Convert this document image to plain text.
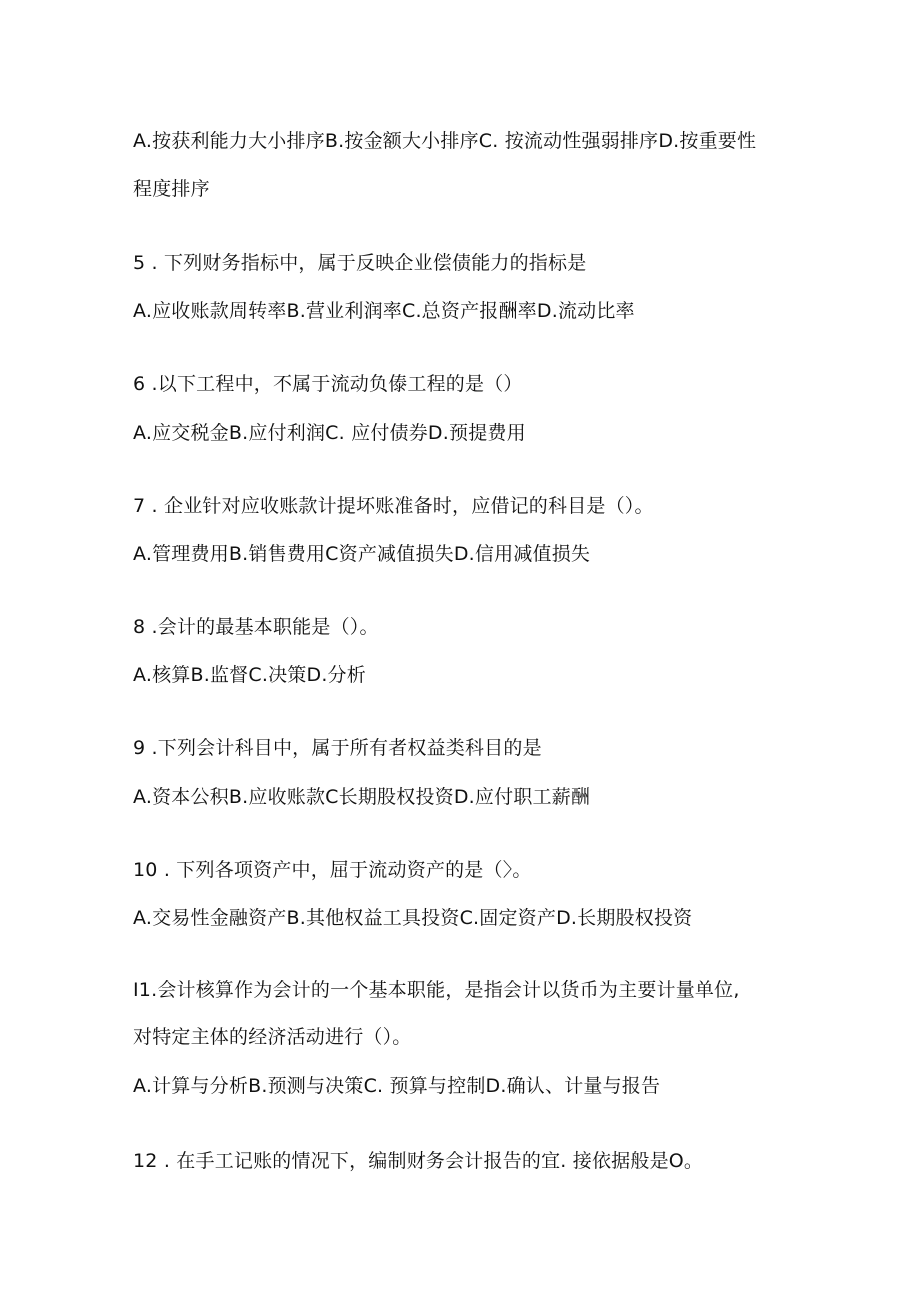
A.按获利能力大小排序B.按金额大小排序C. 按流动性强弱排序D.按重要性
程度排序
5 . 下列财务指标中，属于反映企业偿债能力的指标是
A.应收账款周转率B.营业利润率C.总资产报酬率D.流动比率
6 .以下工程中，不属于流动负傣工程的是（）
A.应交税金B.应付利润C. 应付债券D.预提费用
7 . 企业针对应收账款计提坏账准备时，应借记的科目是（）。
A.管理费用B.销售费用C资产减值损失D.信用减值损失
8 .会计的最基本职能是（）。
A.核算B.监督C.决策D.分析
9 .下列会计科目中，属于所有者权益类科目的是
A.资本公积B.应收账款C长期股权投资D.应付职工薪酬
10 . 下列各项资产中，屈于流动资产的是（〉。
A.交易性金融资产B.其他权益工具投资C.固定资产D.长期股权投资
I1.会计核算作为会计的一个基本职能，是指会计以货币为主要计量单位,
对特定主体的经济活动进行（）。
A.计算与分析B.预测与决策C. 预算与控制D.确认、计量与报告
12 . 在手工记账的情况下，编制财务会计报告的宜. 接依据般是O。
